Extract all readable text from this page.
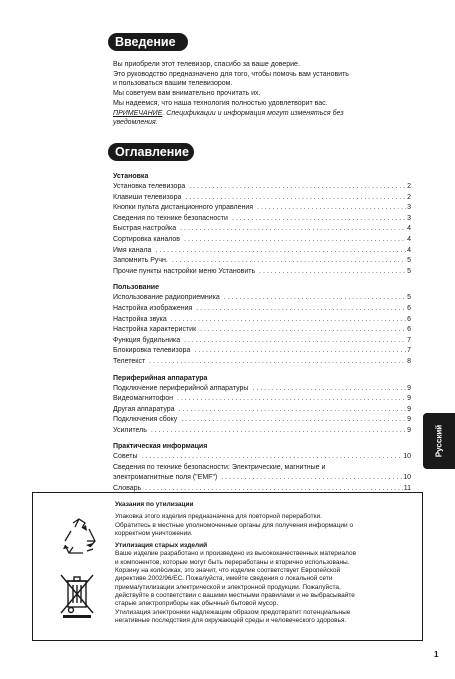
Введение

Вы приобрели этот телевизор, спасибо за ваше доверие.

Это руководство предназначено для того, чтобы помочь вам установить

и пользоваться вашим телевизором.

Мы советуем вам внимательно прочитать их.

Мы надеемся, что наша технология полностью удовлетворит вас.

ПРИМЕЧАНИЕ. Спецификации и информация могут изменяться без

уведомления.

Оглавление

Установка

Установка телевизора . . .	2
Клавиши телевизора . . .	2
Кнопки пульта дистанционного управления . . .	3
Сведения по технике безопасности . . .	3
Быстрая настройка . . .	4
Сортировка каналов . . .	4
Имя канала . . .	4
Запомнить Ручн. . . .	5
Прочие пункты настройки меню Установить . . .	5

Пользование

Использование радиоприемника . . .	5
Настройка изображения . . .	6
Настройка звука . . .	6
Настройка характеристик . . .	6
Функция будильника . . .	7
Блокировка телевизора . . .	7
Телетекст . . .	8

Периферийная аппаратура

Подключение периферийной аппаратуры . . .	9
Видеомагнитофон . . .	9
Другая аппаратура . . .	9
Подключения сбоку . . .	9
Усилитель . . .	9

Практическая информация

Советы . . .	10
Сведения по технике безопасности: Электрические, магнитные и
электромагнитные поля ("EMF") . . .	10
Словарь . . .	11
Русский

Указания по утилизации

Упаковка этого изделия предназначена для повторной переработки.

Обратитесь в местные уполномоченные органы для получения информации о

корректном уничтожении.

Утилизация старых изделий

Ваше изделие разработано и произведено из высококачественных материалов

и компонентов, которые могут быть переработаны и вторично использованы.

Корзину на колёсиках, это значит, что изделие соответствует Европейской

директиве 2002/96/ЕС. Пожалуйста, имейте сведения о локальной сети

приема/утилизации электрической и электронной продукции. Пожалуйста,

действуйте в соответствии с вашими местными правилами и не выбрасывайте

старые электроприборы как обычный бытовой мусор.

Утилизация электроники надлежащим образом предотвратит потенциальные

негативные последствия для окружающей среды и человеческого здоровья.

1
